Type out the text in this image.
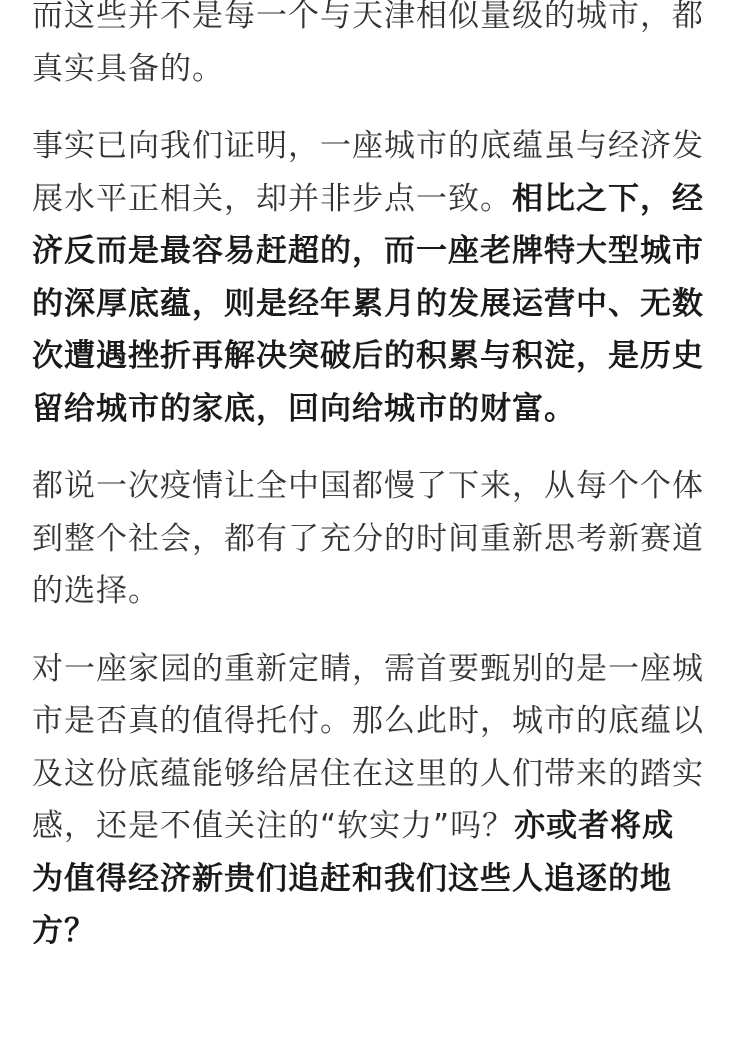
而这些并不是每一个与天津相似量级的城市，都真实具备的。

事实已向我们证明，一座城市的底蕴虽与经济发展水平正相关，却并非步点一致。相比之下，经济反而是最容易赶超的，而一座老牌特大型城市的深厚底蕴，则是经年累月的发展运营中、无数次遭遇挫折再解决突破后的积累与积淀，是历史留给城市的家底，回向给城市的财富。

都说一次疫情让全中国都慢了下来，从每个个体到整个社会，都有了充分的时间重新思考新赛道的选择。

对一座家园的重新定睛，需首要甄别的是一座城市是否真的值得托付。那么此时，城市的底蕴以及这份底蕴能够给居住在这里的人们带来的踏实感，还是不值关注的“软实力”吗？亦或者将成为值得经济新贵们追赶和我们这些人追逐的地方？
